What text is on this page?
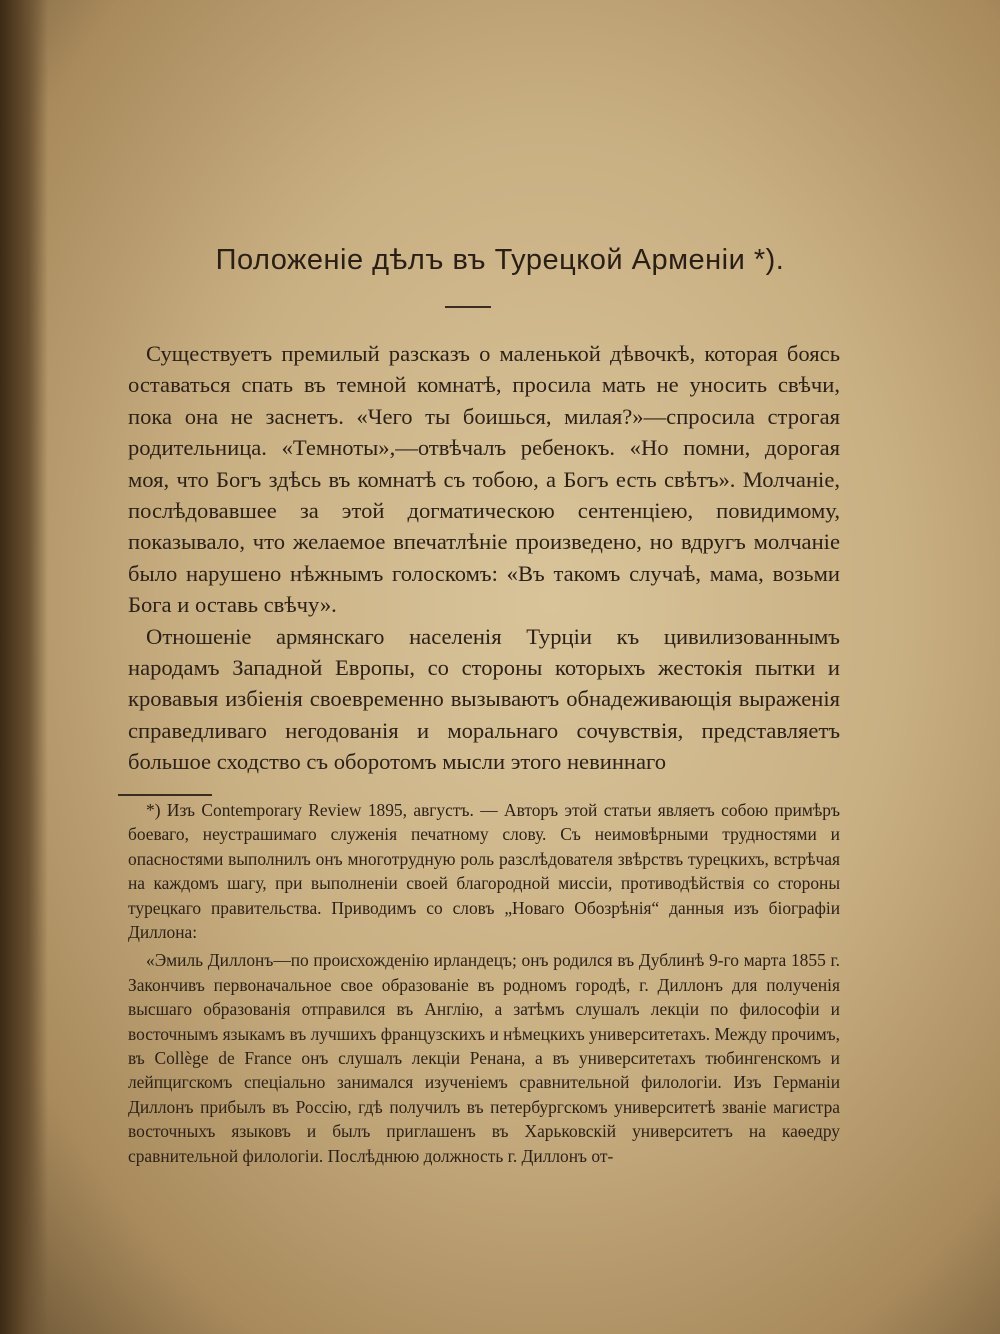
Положеніе дѣлъ въ Турецкой Арменіи *).

Существуетъ премилый разсказъ о маленькой дѣвочкѣ, которая боясь оставаться спать въ темной комнатѣ, просила мать не уносить свѣчи, пока она не заснетъ. «Чего ты боишься, милая?»—спросила строгая родительница. «Темноты»,—отвѣчалъ ребенокъ. «Но помни, дорогая моя, что Богъ здѣсь въ комнатѣ съ тобою, а Богъ есть свѣтъ». Молчаніе, послѣдовавшее за этой догматическою сентенціею, повидимому, показывало, что желаемое впечатлѣніе произведено, но вдругъ молчаніе было нарушено нѣжнымъ голоскомъ: «Въ такомъ случаѣ, мама, возьми Бога и оставь свѣчу».

Отношеніе армянскаго населенія Турціи къ цивилизованнымъ народамъ Западной Европы, со стороны которыхъ жестокія пытки и кровавыя избіенія своевременно вызываютъ обнадеживающія выраженія справедливаго негодованія и моральнаго сочувствія, представляетъ большое сходство съ оборотомъ мысли этого невиннаго

*) Изъ Contemporary Review 1895, августъ. — Авторъ этой статьи являетъ собою примѣръ боеваго, неустрашимаго служенія печатному слову. Съ неимовѣрными трудностями и опасностями выполнилъ онъ многотрудную роль разслѣдователя звѣрствъ турецкихъ, встрѣчая на каждомъ шагу, при выполненіи своей благородной миссіи, противодѣйствія со стороны турецкаго правительства. Приводимъ со словъ „Новаго Обозрѣнія“ данныя изъ біографіи Диллона:

«Эмиль Диллонъ—по происхожденію ирландецъ; онъ родился въ Дублинѣ 9-го марта 1855 г. Закончивъ первоначальное свое образованіе въ родномъ городѣ, г. Диллонъ для полученія высшаго образованія отправился въ Англію, а затѣмъ слушалъ лекціи по философіи и восточнымъ языкамъ въ лучшихъ французскихъ и нѣмецкихъ университетахъ. Между прочимъ, въ Collège de France онъ слушалъ лекціи Ренана, а въ университетахъ тюбингенскомъ и лейпцигскомъ спеціально занимался изученіемъ сравнительной филологіи. Изъ Германіи Диллонъ прибылъ въ Россію, гдѣ получилъ въ петербургскомъ университетѣ званіе магистра восточныхъ языковъ и былъ приглашенъ въ Харьковскій университетъ на каѳедру сравнительной филологіи. Послѣднюю должность г. Диллонъ от-
